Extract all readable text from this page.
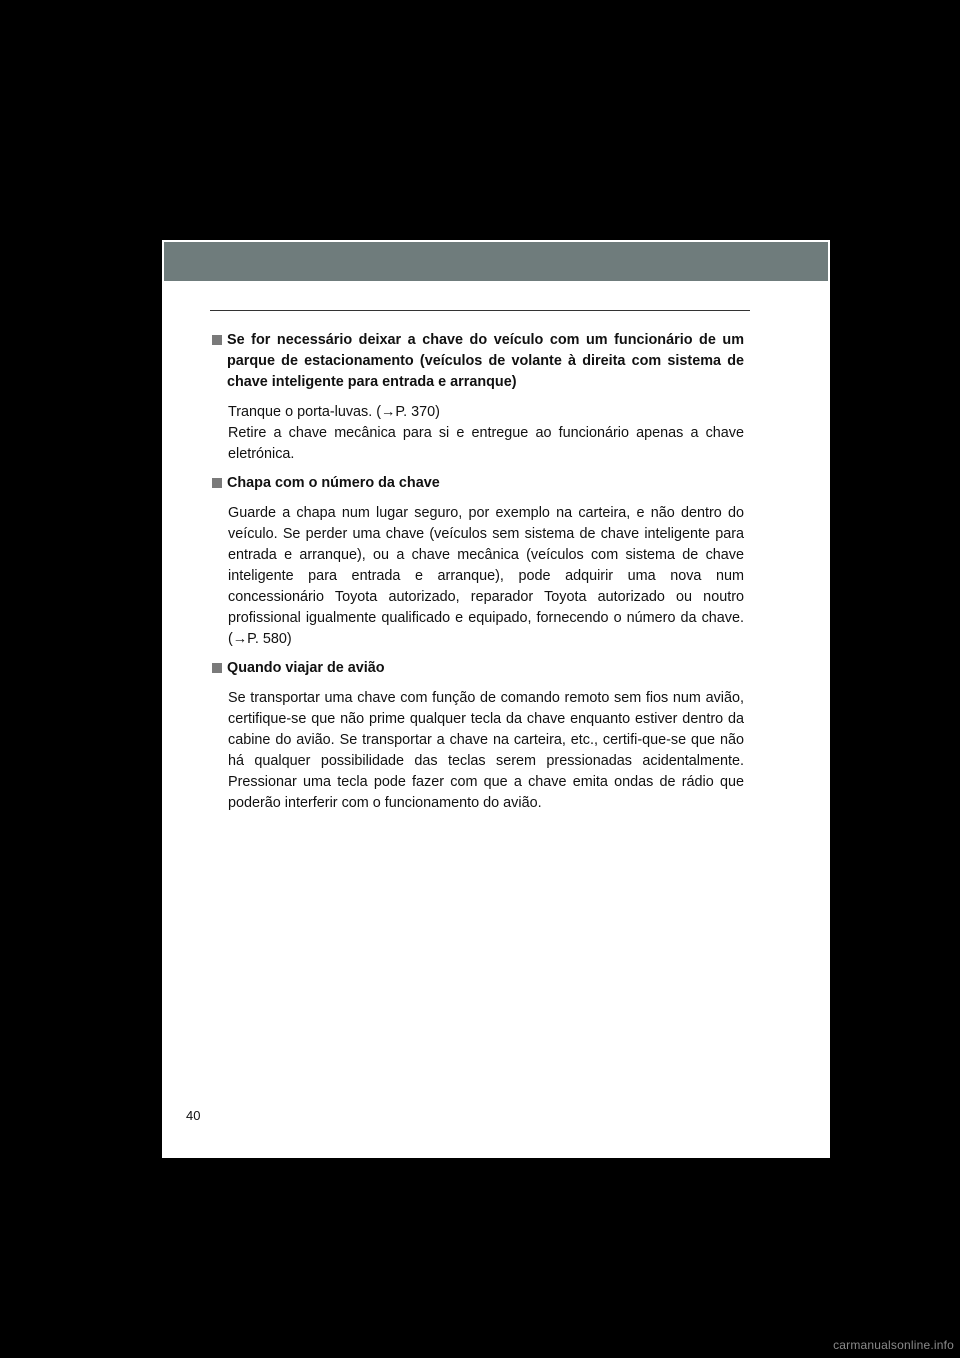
Se for necessário deixar a chave do veículo com um funcionário de um parque de estacionamento (veículos de volante à direita com sistema de chave inteligente para entrada e arranque)

Tranque o porta-luvas. (→P. 370)

Retire a chave mecânica para si e entregue ao funcionário apenas a chave eletrónica.

Chapa com o número da chave

Guarde a chapa num lugar seguro, por exemplo na carteira, e não dentro do veículo. Se perder uma chave (veículos sem sistema de chave inteligente para entrada e arranque), ou a chave mecânica (veículos com sistema de chave inteligente para entrada e arranque), pode adquirir uma nova num concessionário Toyota autorizado, reparador Toyota autorizado ou noutro profissional igualmente qualificado e equipado, fornecendo o número da chave. (→P. 580)

Quando viajar de avião

Se transportar uma chave com função de comando remoto sem fios num avião, certifique-se que não prime qualquer tecla da chave enquanto estiver dentro da cabine do avião. Se transportar a chave na carteira, etc., certifi-que-se que não há qualquer possibilidade das teclas serem pressionadas acidentalmente. Pressionar uma tecla pode fazer com que a chave emita ondas de rádio que poderão interferir com o funcionamento do avião.

40
carmanualsonline.info
